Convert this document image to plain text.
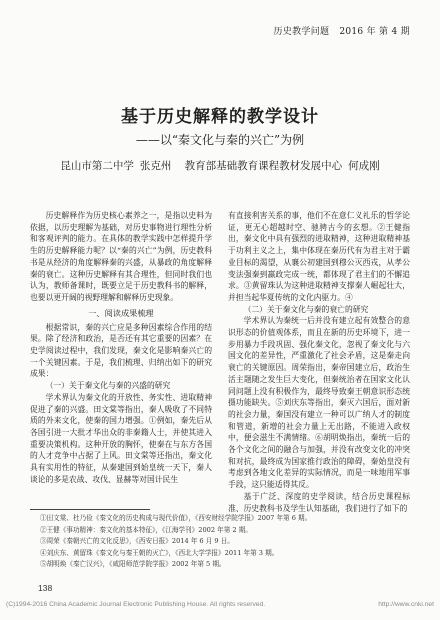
历史教学问题 2016 年 第 4 期
基于历史解释的教学设计
——以“秦文化与秦的兴亡”为例
昆山市第二中学 张克州 教育部基础教育课程教材发展中心 何成刚

历史解释作为历史核心素养之一，是指以史料为依据，以历史理解为基础，对历史事物进行理性分析和客观评判的能力。在具体的教学实践中怎样提升学生的历史解释能力呢？以“秦的兴亡”为例，历史教科书是从经济的角度解释秦的兴盛，从暴政的角度解释秦的衰亡。这种历史解释有其合理性，但同时我们也认为，教师备课时，既要立足于历史教科书的解释，也要以更开阔的视野理解和解释历史现象。

一、阅读成果梳理

根据常识，秦的兴亡应是多种因素综合作用的结果。除了经济和政治，是否还有其它重要的因素？在史学阅读过程中，我们发现，秦文化是影响秦兴亡的一个关键因素。于是，我们梳理、归纳出如下的研究成果：

（一）关于秦文化与秦的兴盛的研究

学术界认为秦文化的开放性、务实性、进取精神促进了秦的兴盛。田文棠等指出，秦人吸收了不同特质的外来文化，使秦的国力增强。①例如，秦先后从各国引进一大批才华出众的非秦籍人士，并使其进入重要决策机构。这种开放的胸怀，使秦在与东方各国的人才竞争中占据了上风。田文棠等还指出，秦文化具有实用性的特征，从秦建国到始皇统一天下，秦人谈论的多是农战、攻伐、显赫等对国计民生

有直接利害关系的事，他们不在意仁义礼乐的哲学论证，更无心超越时空、驰骋古今的玄想。②王健指出，秦文化中具有强烈的进取精神，这种进取精神基于功利主义之上，集中体现在秦历代有为君主对于霸业目标的渴望，从襄公初建国到穆公灭西戎，从孝公变法强秦到嬴政完成一统，都体现了君主们的不懈追求。③黄留珠认为这种进取精神支撑秦人崛起壮大，并担当起华夏传统的文化内驱力。④

（二）关于秦文化与秦的衰亡的研究

学术界认为秦统一后并没有建立起有效整合的意识形态的价值观体系，而且在新的历史环境下，进一步用暴力手段巩固、强化秦文化，忽视了秦文化与六国文化的差异性，严重激化了社会矛盾，这是秦走向衰亡的关键原因。周荣指出，秦帝国建立后，政治生活主题随之发生巨大变化，但秦统治者在国家文化认同问题上没有积极作为，最终导致秦王朝意识形态统摄功能缺失。⑤刘庆东等指出，秦灭六国后，面对新的社会力量，秦国没有建立一种可以广纳人才的制度和管道，新增的社会力量上无出路，不能进入政权中，便会滋生不满情绪。⑥胡明焕指出，秦统一后的各个文化之间的融合与加强，并没有改变文化的冲突和对抗，最终成为国家推行政治的障碍，秦始皇没有考虑到各地文化差异的实际情况，而是一味地用军事手段，这只能适得其反。

基于广泛、深度的史学阅读，结合历史课程标准、历史教科书及学生认知基础，我们进行了如下的

①田文棠、杜乃俭《秦文化的历史构成与现代价值》，《西安财经学院学报》2007 年第 6 期。
②王健《事功精神：秦文化的基本特征》，《江海学刊》2002 年第 2 期。
③周荣《秦朝兴亡的文化反思》，《西安日报》2014 年 6 月 9 日。
④刘庆东、黄留珠《秦文化与秦王朝的灭亡》，《西北大学学报》2011 年第 3 期。
⑤胡明焕《秦亡汉兴》，《咸阳师范学院学报》2002 年第 5 期。
138
(C)1994-2016 China Academic Journal Electronic Publishing House. All rights reserved.	http://www.cnki.net
